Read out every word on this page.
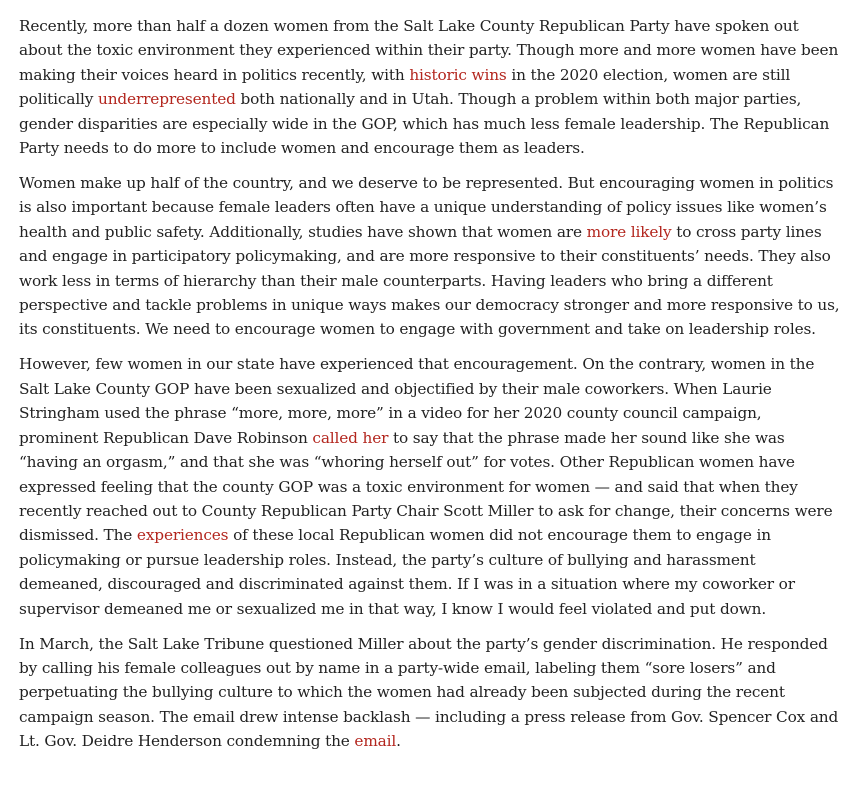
Recently, more than half a dozen women from the Salt Lake County Republican Party have spoken out about the toxic environment they experienced within their party. Though more and more women have been making their voices heard in politics recently, with historic wins in the 2020 election, women are still politically underrepresented both nationally and in Utah. Though a problem within both major parties, gender disparities are especially wide in the GOP, which has much less female leadership. The Republican Party needs to do more to include women and encourage them as leaders.

Women make up half of the country, and we deserve to be represented. But encouraging women in politics is also important because female leaders often have a unique understanding of policy issues like women’s health and public safety. Additionally, studies have shown that women are more likely to cross party lines and engage in participatory policymaking, and are more responsive to their constituents’ needs. They also work less in terms of hierarchy than their male counterparts. Having leaders who bring a different perspective and tackle problems in unique ways makes our democracy stronger and more responsive to us, its constituents. We need to encourage women to engage with government and take on leadership roles.

However, few women in our state have experienced that encouragement. On the contrary, women in the Salt Lake County GOP have been sexualized and objectified by their male coworkers. When Laurie Stringham used the phrase “more, more, more” in a video for her 2020 county council campaign, prominent Republican Dave Robinson called her to say that the phrase made her sound like she was “having an orgasm,” and that she was “whoring herself out” for votes. Other Republican women have expressed feeling that the county GOP was a toxic environment for women — and said that when they recently reached out to County Republican Party Chair Scott Miller to ask for change, their concerns were dismissed. The experiences of these local Republican women did not encourage them to engage in policymaking or pursue leadership roles. Instead, the party’s culture of bullying and harassment demeaned, discouraged and discriminated against them. If I was in a situation where my coworker or supervisor demeaned me or sexualized me in that way, I know I would feel violated and put down.

In March, the Salt Lake Tribune questioned Miller about the party’s gender discrimination. He responded by calling his female colleagues out by name in a party-wide email, labeling them “sore losers” and perpetuating the bullying culture to which the women had already been subjected during the recent campaign season. The email drew intense backlash — including a press release from Gov. Spencer Cox and Lt. Gov. Deidre Henderson condemning the email.
